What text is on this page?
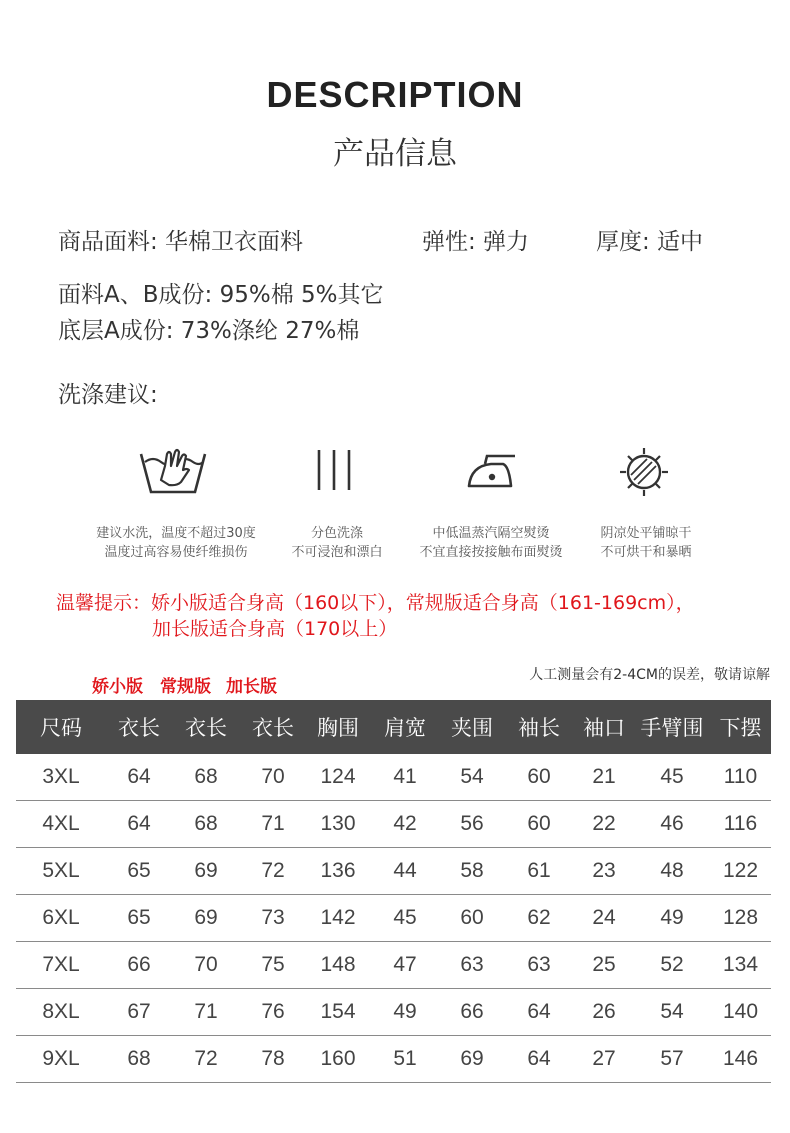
DESCRIPTION
产品信息
商品面料: 华棉卫衣面料	弹性: 弹力	厚度: 适中
面料A、B成份: 95%棉 5%其它
底层A成份: 73%涤纶 27%棉
洗涤建议:
建议水洗，温度不超过30度
温度过高容易使纤维损伤
分色洗涤
不可浸泡和漂白
中低温蒸汽隔空熨烫
不宜直接按接触布面熨烫
阴凉处平铺晾干
不可烘干和暴晒
温馨提示：娇小版适合身高（160以下），常规版适合身高（161-169cm），
加长版适合身高（170以上）
娇小版 常规版 加长版
人工测量会有2-4CM的误差，敬请谅解
尺码	衣长	衣长	衣长	胸围	肩宽	夹围	袖长	袖口	手臂围	下摆
3XL	64	68	70	124	41	54	60	21	45	110
4XL	64	68	71	130	42	56	60	22	46	116
5XL	65	69	72	136	44	58	61	23	48	122
6XL	65	69	73	142	45	60	62	24	49	128
7XL	66	70	75	148	47	63	63	25	52	134
8XL	67	71	76	154	49	66	64	26	54	140
9XL	68	72	78	160	51	69	64	27	57	146
